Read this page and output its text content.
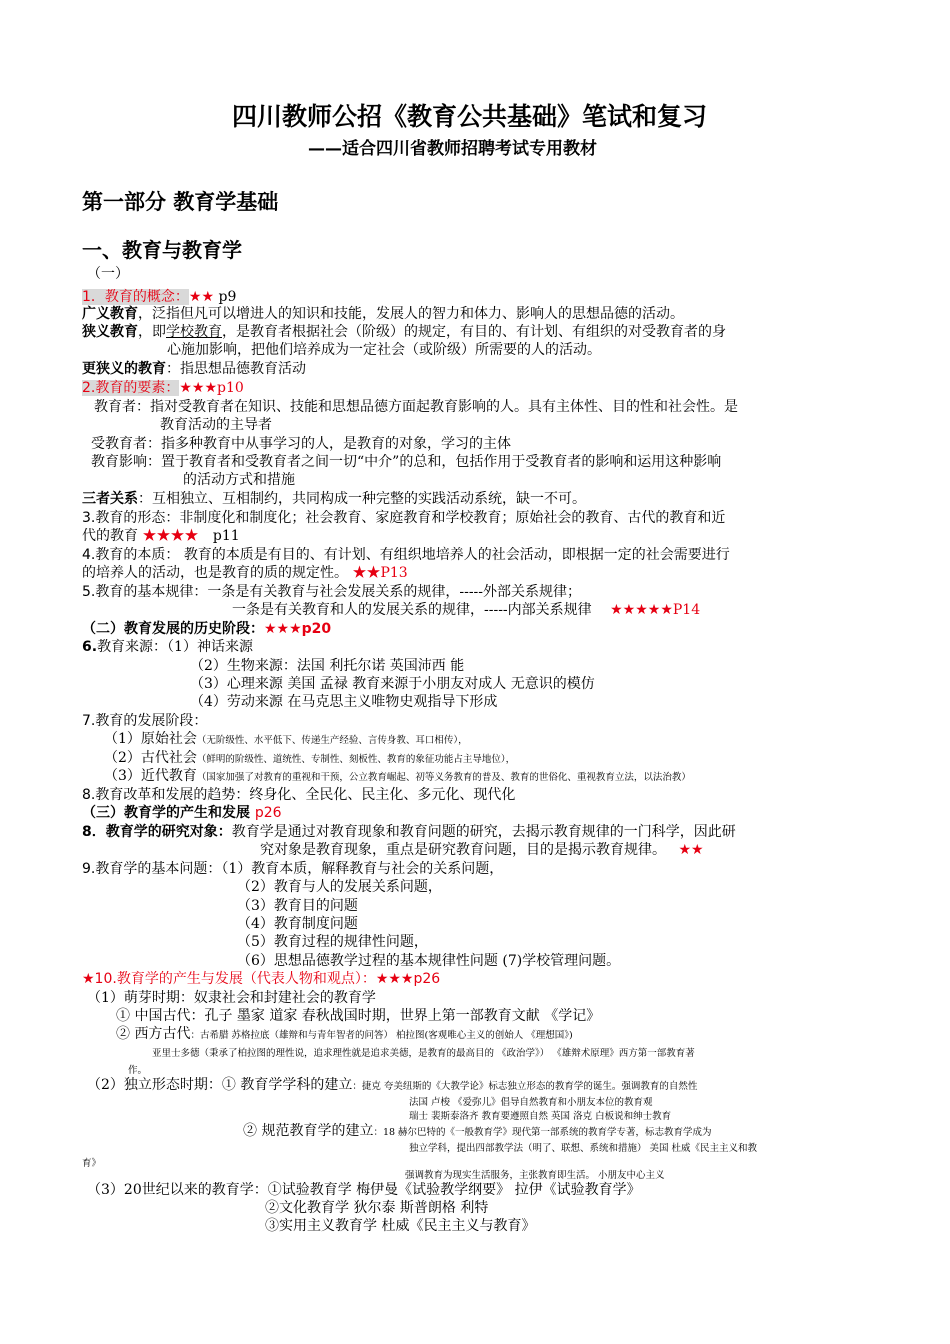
四川教师公招《教育公共基础》笔试和复习
——适合四川省教师招聘考试专用教材
第一部分 教育学基础
一、教育与教育学
（一）
1．教育的概念：★★ p9
广义教育，泛指但凡可以增进人的知识和技能，发展人的智力和体力、影响人的思想品德的活动。
狭义教育，即学校教育，是教育者根据社会（阶级）的规定，有目的、有计划、有组织的对受教育者的身
心施加影响，把他们培养成为一定社会（或阶级）所需要的人的活动。
更狭义的教育：指思想品德教育活动
2.教育的要素：★★★p10
教育者：指对受教育者在知识、技能和思想品德方面起教育影响的人。具有主体性、目的性和社会性。是
教育活动的主导者
受教育者：指多种教育中从事学习的人，是教育的对象，学习的主体
教育影响：置于教育者和受教育者之间一切“中介”的总和，包括作用于受教育者的影响和运用这种影响
的活动方式和措施
三者关系：互相独立、互相制约，共同构成一种完整的实践活动系统，缺一不可。
3.教育的形态：非制度化和制度化；社会教育、家庭教育和学校教育；原始社会的教育、古代的教育和近
代的教育 ★★★★ p11
4.教育的本质： 教育的本质是有目的、有计划、有组织地培养人的社会活动，即根据一定的社会需要进行
的培养人的活动，也是教育的质的规定性。 ★★P13
5.教育的基本规律：一条是有关教育与社会发展关系的规律，-----外部关系规律；
一条是有关教育和人的发展关系的规律，-----内部关系规律 ★★★★★P14
（二）教育发展的历史阶段：★★★p20
6.教育来源：（1）神话来源
（2）生物来源：法国 利托尔诺 英国沛西 能
（3）心理来源 美国 孟禄 教育来源于小朋友对成人 无意识的模仿
（4）劳动来源 在马克思主义唯物史观指导下形成
7.教育的发展阶段：
（1）原始社会（无阶级性、水平低下、传递生产经验、言传身教、耳口相传），
（2）古代社会（鲜明的阶级性、道统性、专制性、刻板性、教育的象征功能占主导地位），
（3）近代教育（国家加强了对教育的重视和干预，公立教育崛起、初等义务教育的普及、教育的世俗化、重视教育立法，以法治教）
8.教育改革和发展的趋势：终身化、全民化、民主化、多元化、现代化
（三）教育学的产生和发展 p26
8．教育学的研究对象：教育学是通过对教育现象和教育问题的研究，去揭示教育规律的一门科学，因此研
究对象是教育现象，重点是研究教育问题，目的是揭示教育规律。 ★★
9.教育学的基本问题：（1）教育本质，解释教育与社会的关系问题，
（2）教育与人的发展关系问题，
（3）教育目的问题
（4）教育制度问题
（5）教育过程的规律性问题，
（6）思想品德教学过程的基本规律性问题 (7)学校管理问题。
★10.教育学的产生与发展（代表人物和观点）：★★★p26
（1）萌芽时期：奴隶社会和封建社会的教育学
① 中国古代：孔子 墨家 道家 春秋战国时期，世界上第一部教育文献 《学记》
② 西方古代：古希腊 苏格拉底（雄辩和与青年智者的问答） 柏拉图(客观唯心主义的创始人 《理想国》)
亚里士多德（秉承了柏拉图的理性说，追求理性就是追求美德，是教育的最高目的 《政治学》） 《雄辩术原理》西方第一部教育著
作。
（2）独立形态时期：① 教育学学科的建立：捷克 夸美纽斯的《大教学论》标志独立形态的教育学的诞生。强调教育的自然性
法国 卢梭 《爱弥儿》倡导自然教育和小朋友本位的教育观
瑞士 裴斯泰洛齐 教育要遵照自然 英国 洛克 白板说和绅士教育
② 规范教育学的建立：18 赫尔巴特的《一般教育学》现代第一部系统的教育学专著，标志教育学成为
独立学科，提出四部教学法（明了、联想、系统和措施） 美国 杜威《民主主义和教
育》
强调教育为现实生活服务，主张教育即生活。 小朋友中心主义
（3）20世纪以来的教育学：①试验教育学 梅伊曼《试验教学纲要》 拉伊《试验教育学》
②文化教育学 狄尔泰 斯普朗格 利特
③实用主义教育学 杜威《民主主义与教育》
